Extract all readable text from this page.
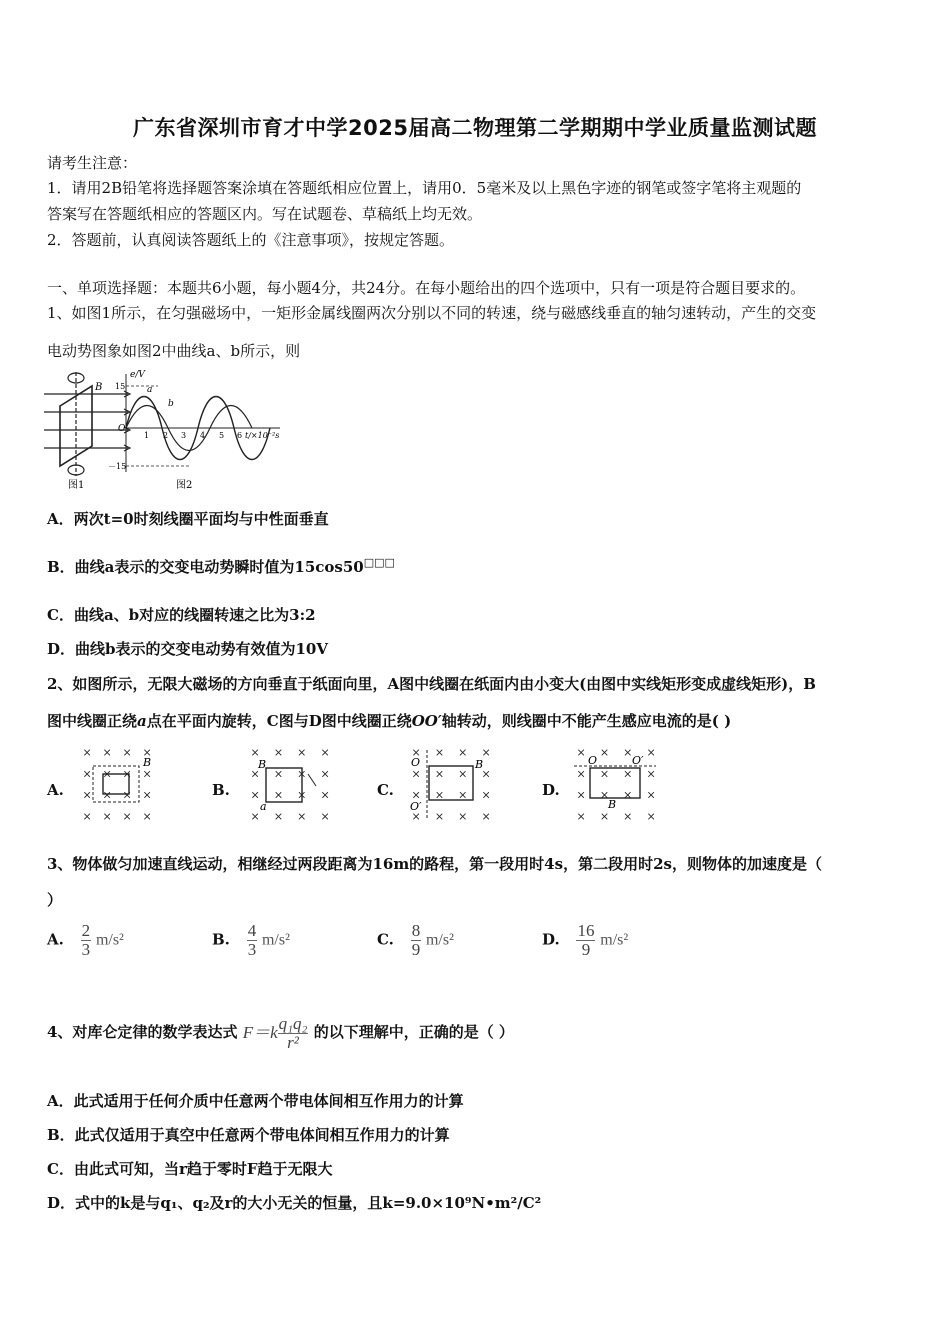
广东省深圳市育才中学2025届高二物理第二学期期中学业质量监测试题
请考生注意：
1．请用2B铅笔将选择题答案涂填在答题纸相应位置上，请用0．5毫米及以上黑色字迹的钢笔或签字笔将主观题的
答案写在答题纸相应的答题区内。写在试题卷、草稿纸上均无效。
2．答题前，认真阅读答题纸上的《注意事项》，按规定答题。
一、单项选择题：本题共6小题，每小题4分，共24分。在每小题给出的四个选项中，只有一项是符合题目要求的。
1、如图1所示，在匀强磁场中，一矩形金属线圈两次分别以不同的转速，绕与磁感线垂直的轴匀速转动，产生的交变
电动势图象如图2中曲线a、b所示，则
B
图1
e/V
15
－15
O
a
b
1 2 3 4 5 6 t/×10⁻²s
图2
A．两次t=0时刻线圈平面均与中性面垂直
B．曲线a表示的交变电动势瞬时值为15cos50□□□
C．曲线a、b对应的线圈转速之比为3:2
D．曲线b表示的交变电动势有效值为10V
2、如图所示，无限大磁场的方向垂直于纸面向里，A图中线圈在纸面内由小变大(由图中实线矩形变成虚线矩形)，B
图中线圈正绕a点在平面内旋转，C图与D图中线圈正绕OO′轴转动，则线圈中不能产生感应电流的是( )
A.	B.	C.	D.
× × × ×
× × × ×
× × × ×
× × × ×
B
× × × ×
× × × ×
× × × ×
× × × ×
B
a
× × × ×
× × × ×
× × × ×
× × × ×
O
O′
B
× × × ×
× × × ×
× × × ×
× × × ×
O	O′
B
3、物体做匀加速直线运动，相继经过两段距离为16m的路程，第一段用时4s，第二段用时2s，则物体的加速度是（
）
A. $\frac{2}{3} m/s^2$	B. $\frac{4}{3} m/s^2$	C. $\frac{8}{9} m/s^2$	D. $\frac{16}{9} m/s^2$
4、对库仑定律的数学表达式 $F=k \frac{\text{q₁q₂}}{\text{r²}}$ 的以下理解中，正确的是（ ）
A．此式适用于任何介质中任意两个带电体间相互作用力的计算
B．此式仅适用于真空中任意两个带电体间相互作用力的计算
C．由此式可知，当r趋于零时F趋于无限大
D．式中的k是与q₁、q₂及r的大小无关的恒量，且k=9.0×10⁹N•m²/C²
